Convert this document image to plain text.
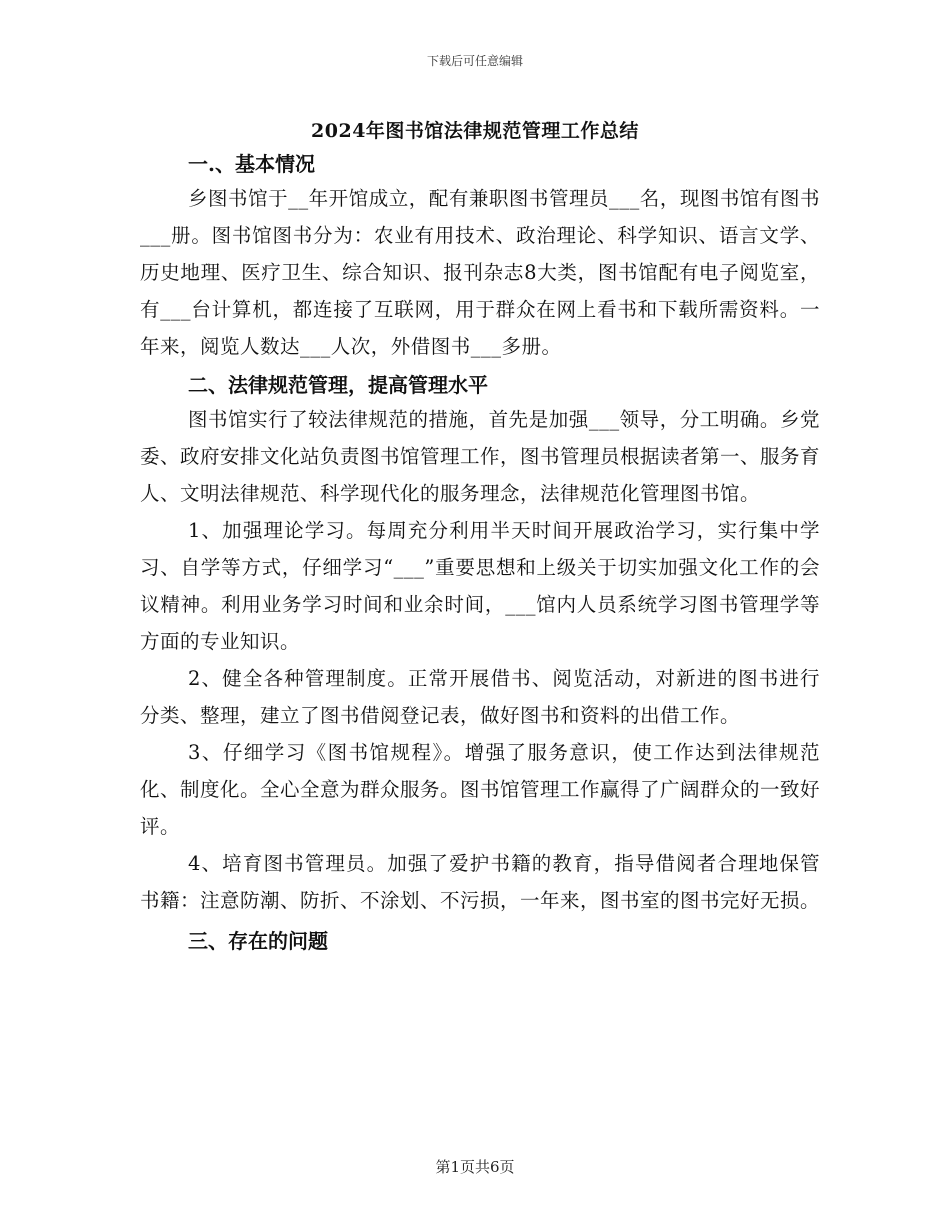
下载后可任意编辑
2024年图书馆法律规范管理工作总结
一.、基本情况

乡图书馆于__年开馆成立，配有兼职图书管理员___名，现图书馆有图书___册。图书馆图书分为：农业有用技术、政治理论、科学知识、语言文学、历史地理、医疗卫生、综合知识、报刊杂志8大类，图书馆配有电子阅览室，有___台计算机，都连接了互联网，用于群众在网上看书和下载所需资料。一年来，阅览人数达___人次，外借图书___多册。

二、法律规范管理，提高管理水平

图书馆实行了较法律规范的措施，首先是加强___领导，分工明确。乡党委、政府安排文化站负责图书馆管理工作，图书管理员根据读者第一、服务育人、文明法律规范、科学现代化的服务理念，法律规范化管理图书馆。

1、加强理论学习。每周充分利用半天时间开展政治学习，实行集中学习、自学等方式，仔细学习“___”重要思想和上级关于切实加强文化工作的会议精神。利用业务学习时间和业余时间，___馆内人员系统学习图书管理学等方面的专业知识。

2、健全各种管理制度。正常开展借书、阅览活动，对新进的图书进行分类、整理，建立了图书借阅登记表，做好图书和资料的出借工作。

3、仔细学习《图书馆规程》。增强了服务意识，使工作达到法律规范化、制度化。全心全意为群众服务。图书馆管理工作赢得了广阔群众的一致好评。

4、培育图书管理员。加强了爱护书籍的教育，指导借阅者合理地保管书籍：注意防潮、防折、不涂划、不污损，一年来，图书室的图书完好无损。

三、存在的问题
第1页共6页
